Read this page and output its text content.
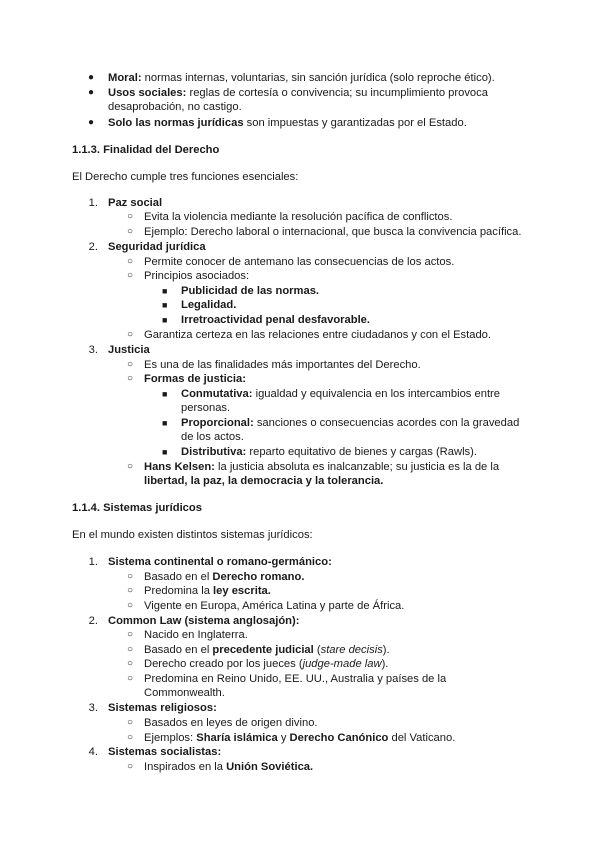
● Moral: normas internas, voluntarias, sin sanción jurídica (solo reproche ético).
● Usos sociales: reglas de cortesía o convivencia; su incumplimiento provoca
desaprobación, no castigo.
● Solo las normas jurídicas son impuestas y garantizadas por el Estado.
1.1.3. Finalidad del Derecho
El Derecho cumple tres funciones esenciales:
1. Paz social
○ Evita la violencia mediante la resolución pacífica de conflictos.
○ Ejemplo: Derecho laboral o internacional, que busca la convivencia pacífica.
2. Seguridad jurídica
○ Permite conocer de antemano las consecuencias de los actos.
○ Principios asociados:
■ Publicidad de las normas.
■ Legalidad.
■ Irretroactividad penal desfavorable.
○ Garantiza certeza en las relaciones entre ciudadanos y con el Estado.
3. Justicia
○ Es una de las finalidades más importantes del Derecho.
○ Formas de justicia:
■ Conmutativa: igualdad y equivalencia en los intercambios entre
personas.
■ Proporcional: sanciones o consecuencias acordes con la gravedad
de los actos.
■ Distributiva: reparto equitativo de bienes y cargas (Rawls).
○ Hans Kelsen: la justicia absoluta es inalcanzable; su justicia es la de la
libertad, la paz, la democracia y la tolerancia.
1.1.4. Sistemas jurídicos
En el mundo existen distintos sistemas jurídicos:
1. Sistema continental o romano-germánico:
○ Basado en el Derecho romano.
○ Predomina la ley escrita.
○ Vigente en Europa, América Latina y parte de África.
2. Common Law (sistema anglosajón):
○ Nacido en Inglaterra.
○ Basado en el precedente judicial (stare decisis).
○ Derecho creado por los jueces (judge-made law).
○ Predomina en Reino Unido, EE. UU., Australia y países de la
Commonwealth.
3. Sistemas religiosos:
○ Basados en leyes de origen divino.
○ Ejemplos: Sharía islámica y Derecho Canónico del Vaticano.
4. Sistemas socialistas:
○ Inspirados en la Unión Soviética.
